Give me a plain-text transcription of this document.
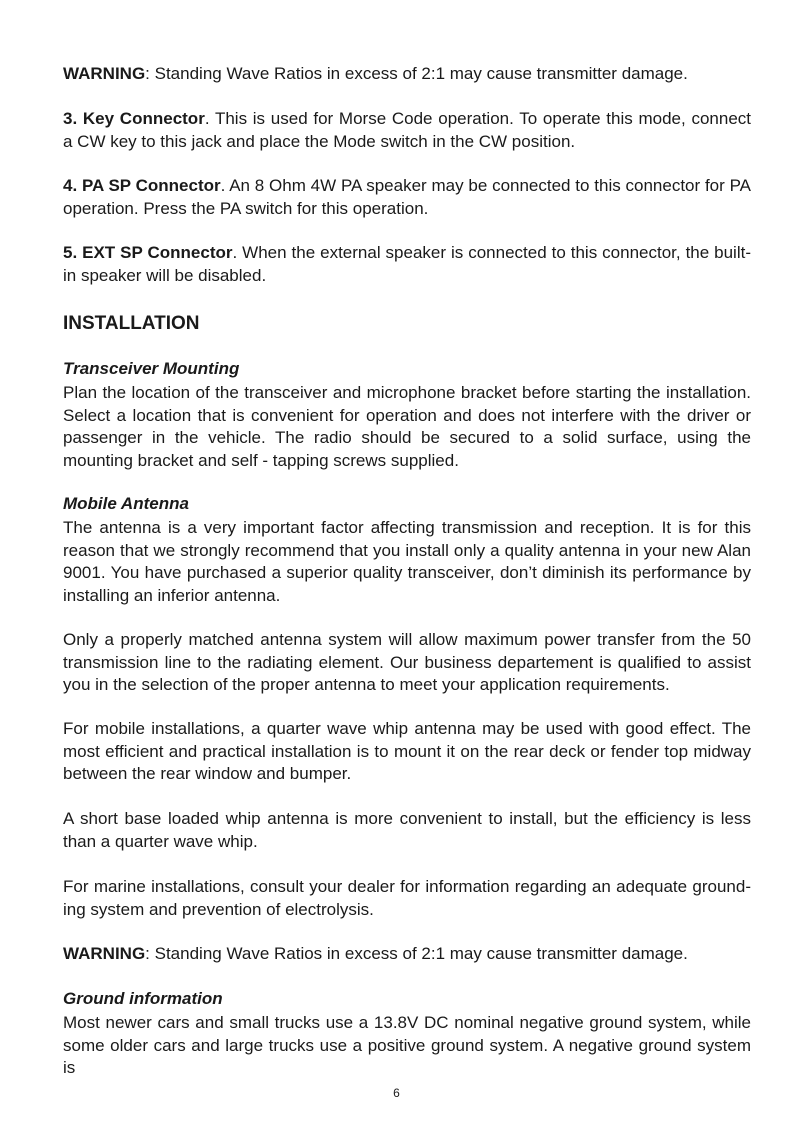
WARNING: Standing Wave Ratios in excess of 2:1 may cause transmitter damage.
3. Key Connector. This is used for Morse Code operation. To operate this mode, connect a CW key to this jack and place the Mode switch in the CW position.
4. PA SP Connector. An 8 Ohm 4W PA speaker may be connected to this connector for PA operation. Press the PA switch for this operation.
5. EXT SP Connector. When the external speaker is connected to this connector, the built-in speaker will be disabled.
INSTALLATION
Transceiver Mounting
Plan the location of the transceiver and microphone bracket before starting the installation. Select a location that is convenient for operation and does not interfere with the driver or passenger in the vehicle. The radio should be secured to a solid surface, using the mounting bracket and self - tapping screws supplied.
Mobile Antenna
The antenna is a very important factor affecting transmission and reception. It is for this reason that we strongly recommend that you install only a quality antenna in your new Alan 9001. You have purchased a superior quality transceiver, don’t diminish its performance by installing an inferior antenna.
Only a properly matched antenna system will allow maximum power transfer from the 50 transmission line to the radiating element. Our business departement is qualified to assist you in the selection of the proper antenna to meet your application requirements.
For mobile installations, a quarter wave whip antenna may be used with good effect. The most efficient and practical installation is to mount it on the rear deck or fender top midway between the rear window and bumper.
A short base loaded whip antenna is more convenient to install, but the efficiency is less than a quarter wave whip.
For marine installations, consult your dealer for information regarding an adequate ground-ing system and prevention of electrolysis.
WARNING: Standing Wave Ratios in excess of 2:1 may cause transmitter damage.
Ground information
Most newer cars and small trucks use a 13.8V DC nominal negative ground system, while some older cars and large trucks use a positive ground system. A negative ground system is
6
